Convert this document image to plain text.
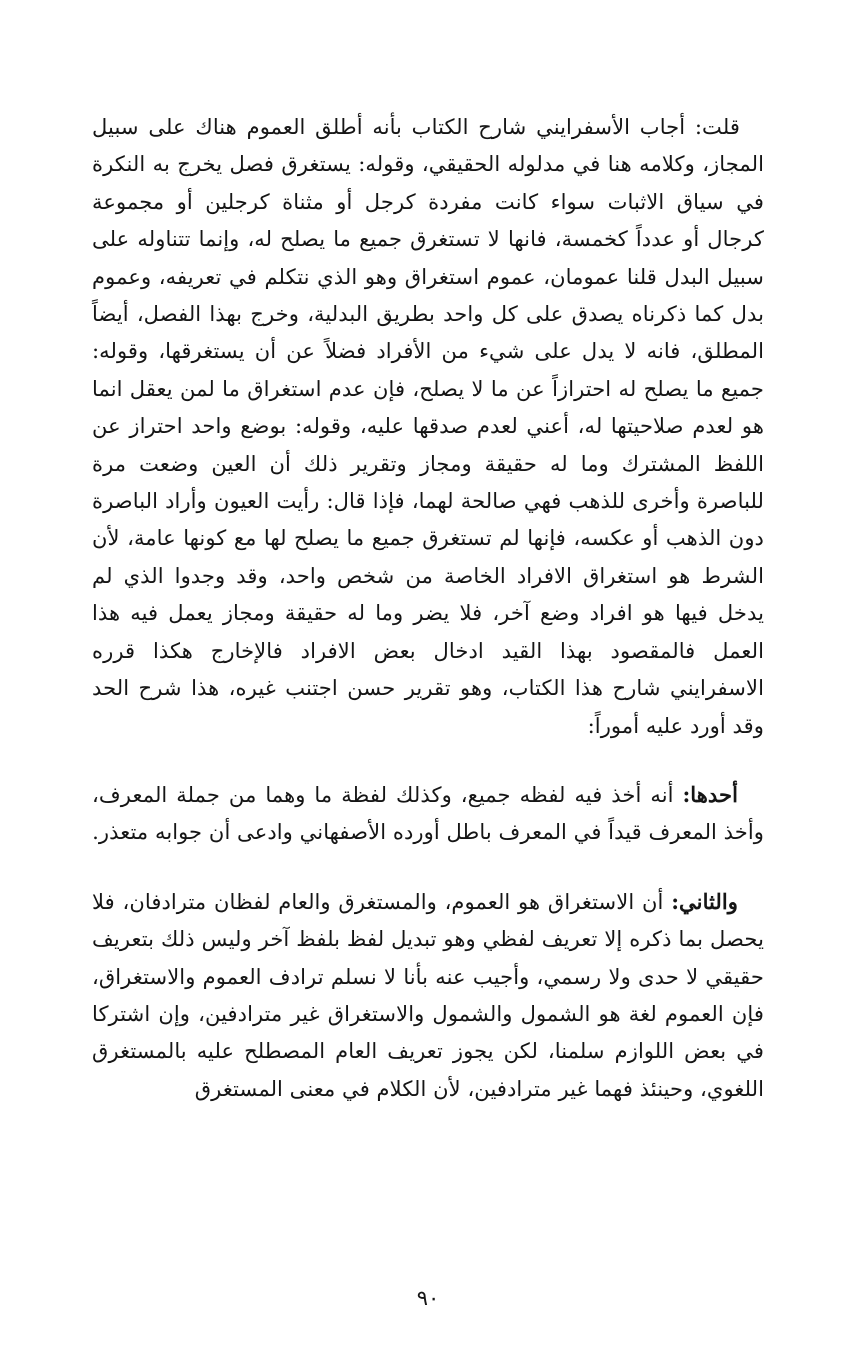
قلت: أجاب الأسفرايني شارح الكتاب بأنه أطلق العموم هناك على سبيل المجاز، وكلامه هنا في مدلوله الحقيقي، وقوله: يستغرق فصل يخرج به النكرة في سياق الاثبات سواء كانت مفردة كرجل أو مثناة كرجلين أو مجموعة كرجال أو عدداً كخمسة، فانها لا تستغرق جميع ما يصلح له، وإنما تتناوله على سبيل البدل قلنا عمومان، عموم استغراق وهو الذي نتكلم في تعريفه، وعموم بدل كما ذكرناه يصدق على كل واحد بطريق البدلية، وخرج بهذا الفصل، أيضاً المطلق، فانه لا يدل على شيء من الأفراد فضلاً عن أن يستغرقها، وقوله: جميع ما يصلح له احترازاً عن ما لا يصلح، فإن عدم استغراق ما لمن يعقل انما هو لعدم صلاحيتها له، أعني لعدم صدقها عليه، وقوله: بوضع واحد احتراز عن اللفظ المشترك وما له حقيقة ومجاز وتقرير ذلك أن العين وضعت مرة للباصرة وأخرى للذهب فهي صالحة لهما، فإذا قال: رأيت العيون وأراد الباصرة دون الذهب أو عكسه، فإنها لم تستغرق جميع ما يصلح لها مع كونها عامة، لأن الشرط هو استغراق الافراد الخاصة من شخص واحد، وقد وجدوا الذي لم يدخل فيها هو افراد وضع آخر، فلا يضر وما له حقيقة ومجاز يعمل فيه هذا العمل فالمقصود بهذا القيد ادخال بعض الافراد فالإخارج هكذا قرره الاسفرايني شارح هذا الكتاب، وهو تقرير حسن اجتنب غيره، هذا شرح الحد وقد أورد عليه أموراً:

أحدها: أنه أخذ فيه لفظه جميع، وكذلك لفظة ما وهما من جملة المعرف، وأخذ المعرف قيداً في المعرف باطل أورده الأصفهاني وادعى أن جوابه متعذر.

والثاني: أن الاستغراق هو العموم، والمستغرق والعام لفظان مترادفان، فلا يحصل بما ذكره إلا تعريف لفظي وهو تبديل لفظ بلفظ آخر وليس ذلك بتعريف حقيقي لا حدى ولا رسمي، وأجيب عنه بأنا لا نسلم ترادف العموم والاستغراق، فإن العموم لغة هو الشمول والشمول والاستغراق غير مترادفين، وإن اشتركا في بعض اللوازم سلمنا، لكن يجوز تعريف العام المصطلح عليه بالمستغرق اللغوي، وحينئذ فهما غير مترادفين، لأن الكلام في معنى المستغرق

٩٠
